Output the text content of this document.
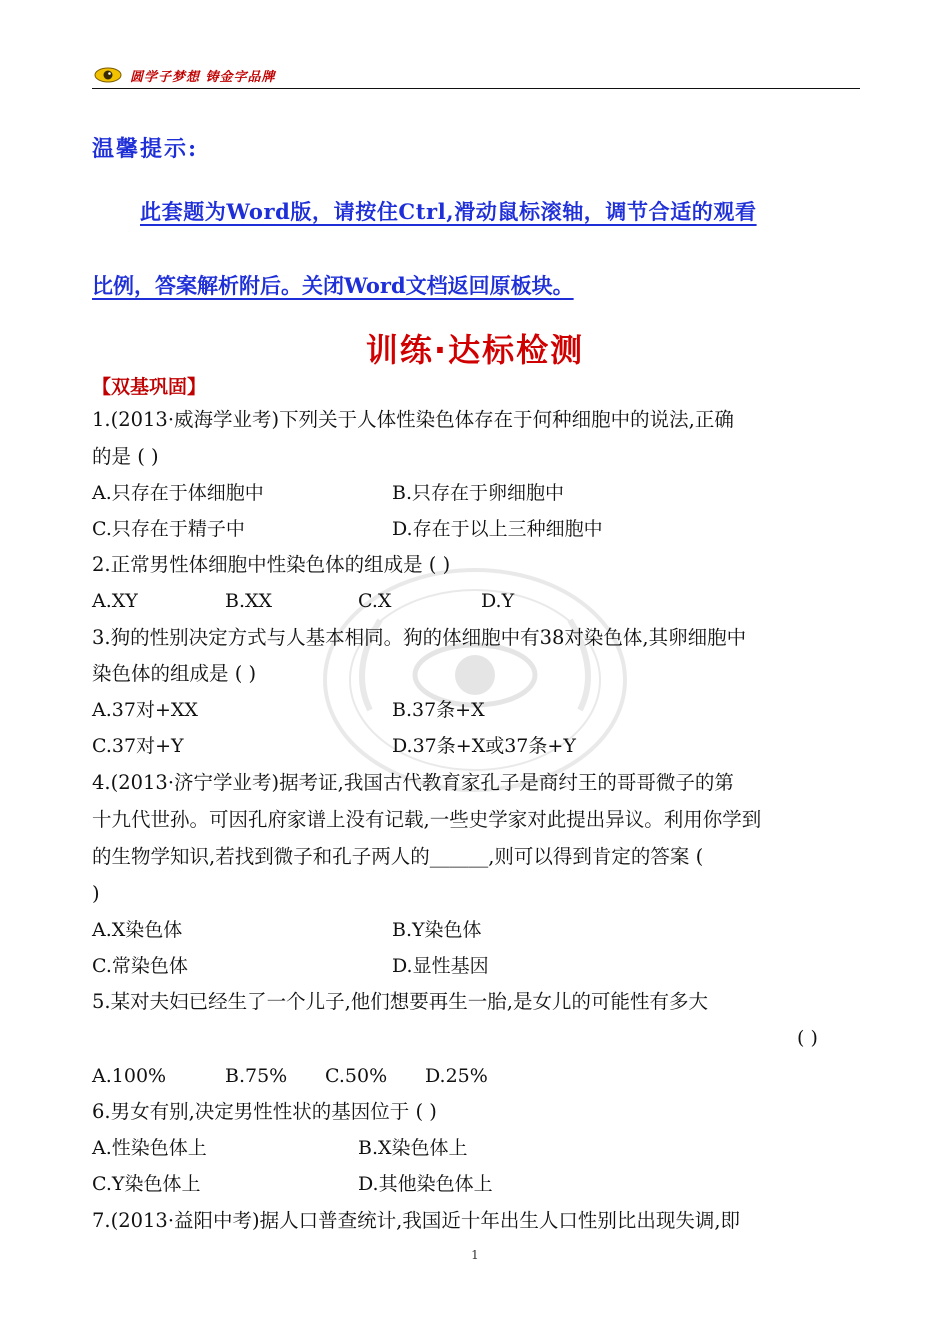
圆学子梦想 铸金字品牌
温馨提示:
此套题为Word版，请按住Ctrl,滑动鼠标滚轴，调节合适的观看
比例，答案解析附后。关闭Word文档返回原板块。
训练·达标检测
【双基巩固】
1.(2013·威海学业考)下列关于人体性染色体存在于何种细胞中的说法,正确
的是 ( )
A.只存在于体细胞中	B.只存在于卵细胞中
C.只存在于精子中	D.存在于以上三种细胞中
2.正常男性体细胞中性染色体的组成是 ( )
A.XY	B.XX	C.X	D.Y
3.狗的性别决定方式与人基本相同。狗的体细胞中有38对染色体,其卵细胞中
染色体的组成是 ( )
A.37对+XX	B.37条+X
C.37对+Y	D.37条+X或37条+Y
4.(2013·济宁学业考)据考证,我国古代教育家孔子是商纣王的哥哥微子的第
十九代世孙。可因孔府家谱上没有记载,一些史学家对此提出异议。利用你学到
的生物学知识,若找到微子和孔子两人的______,则可以得到肯定的答案 (
)
A.X染色体	B.Y染色体
C.常染色体	D.显性基因
5.某对夫妇已经生了一个儿子,他们想要再生一胎,是女儿的可能性有多大
( )
A.100%	B.75% C.50% D.25%
6.男女有别,决定男性性状的基因位于 ( )
A.性染色体上	B.X染色体上
C.Y染色体上	D.其他染色体上
7.(2013·益阳中考)据人口普查统计,我国近十年出生人口性别比出现失调,即
1
